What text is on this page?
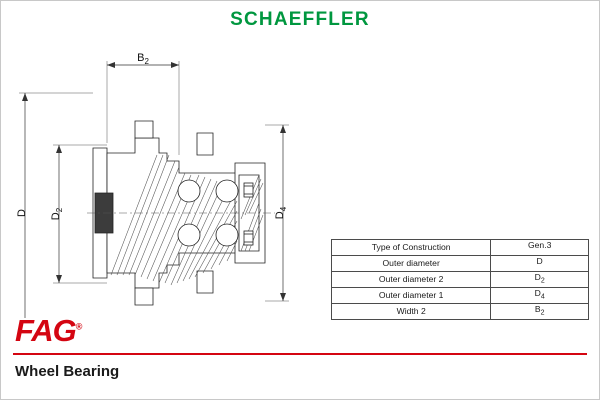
SCHAEFFLER
$B_2$
D $D_2$
$D_4$
Type of Construction	Gen.3
Outer diameter	D
Outer diameter 2	$D_2$
Outer diameter 1	$D_4$
Width 2	$B_2$
FAG®
Wheel Bearing
